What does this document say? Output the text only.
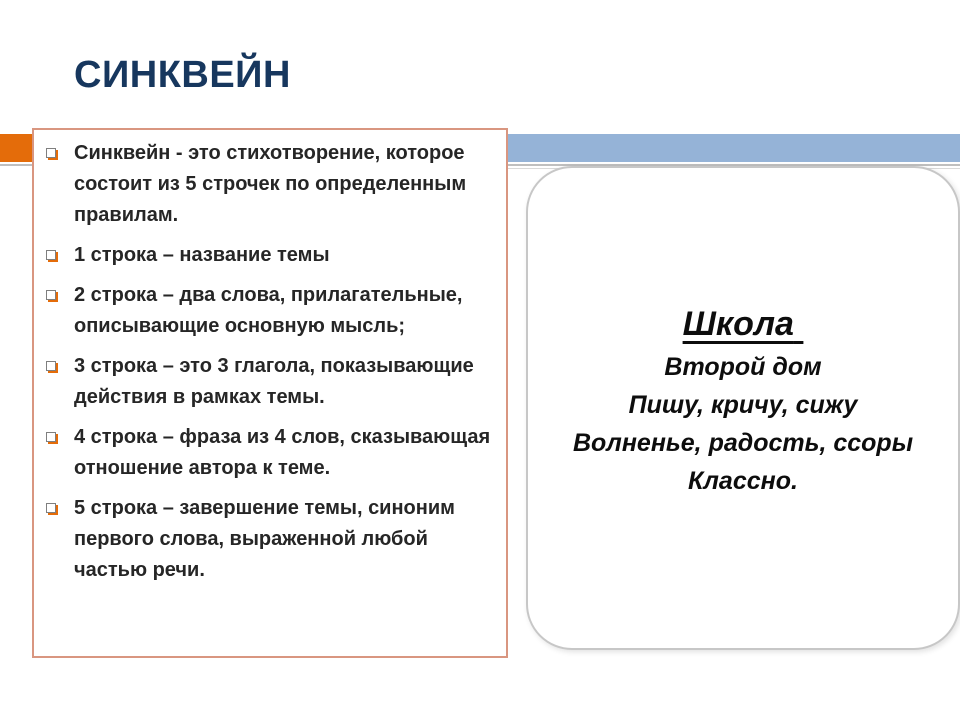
СИНКВЕЙН
Синквейн - это стихотворение, которое состоит из 5 строчек по определенным правилам.
1 строка – название темы
2 строка – два слова, прилагательные, описывающие основную мысль;
3 строка – это 3 глагола, показывающие действия в рамках темы.
4 строка – фраза из 4 слов, сказывающая отношение автора к теме.
5 строка – завершение темы, синоним первого слова, выраженной любой частью речи.
Школа
Второй дом
Пишу, кричу, сижу
Волненье, радость, ссоры
Классно.
